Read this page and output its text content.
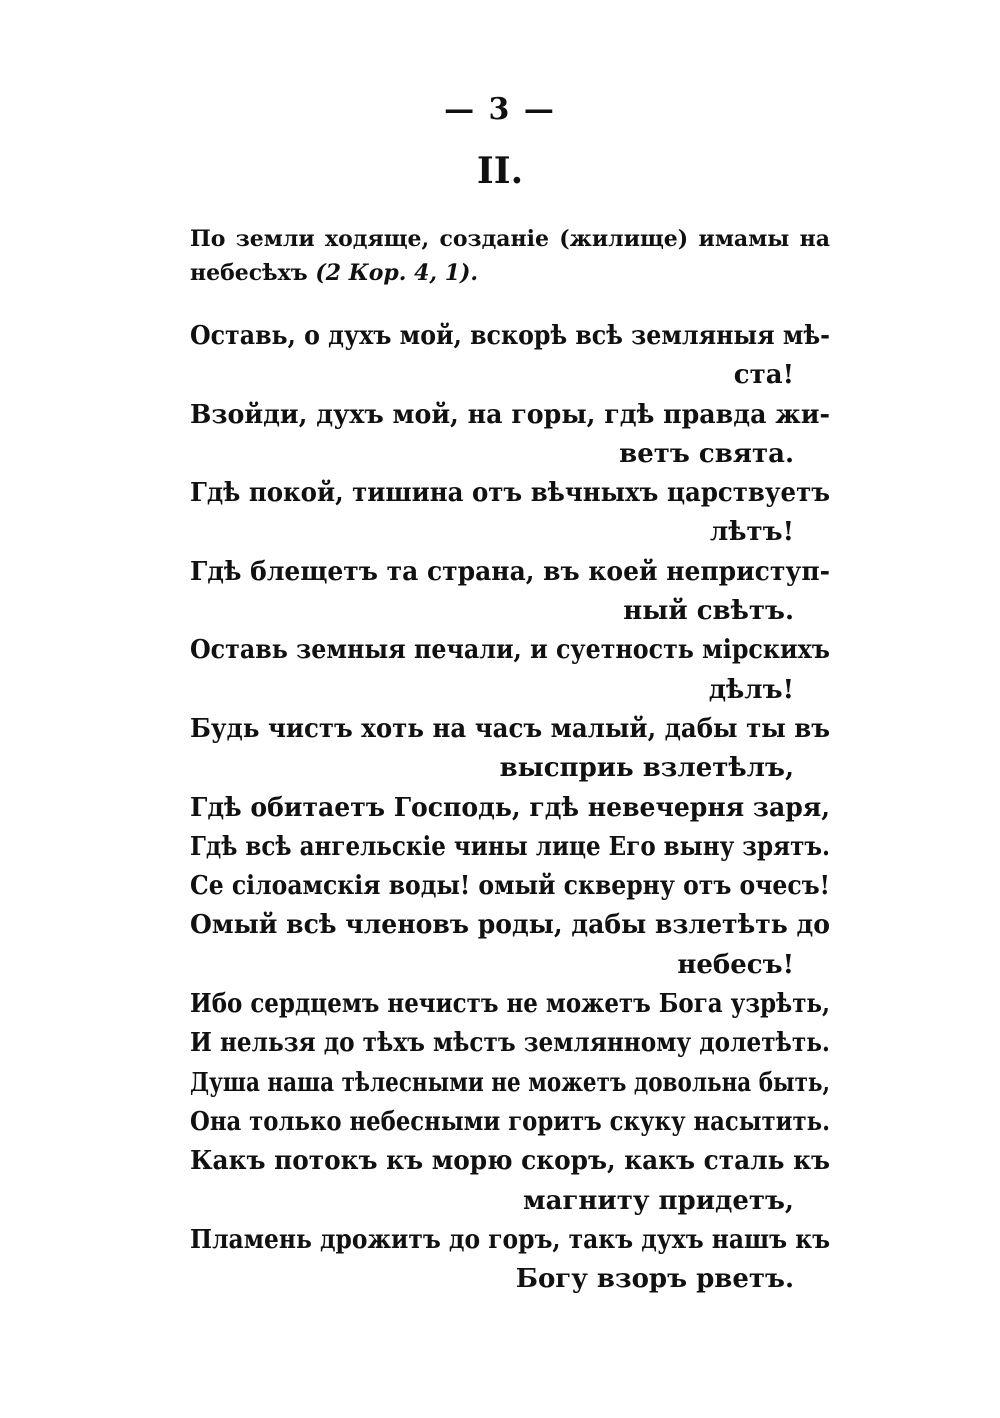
— 3 —
II.
По земли ходяще, созданіе (жилище) имамы на небесѣхъ (2 Кор. 4, 1).
Оставь, о духъ мой, вскорѣ всѣ земляныя мѣ-
ста!
Взойди, духъ мой, на горы, гдѣ правда жи-
ветъ свята.
Гдѣ покой, тишина отъ вѣчныхъ царствуетъ
лѣтъ!
Гдѣ блещетъ та страна, въ коей неприступ-
ный свѣтъ.
Оставь земныя печали, и суетность мірскихъ
дѣлъ!
Будь чистъ хоть на часъ малый, дабы ты въ
высприь взлетѣлъ,
Гдѣ обитаетъ Господь, гдѣ невечерня заря,
Гдѣ всѣ ангельскіе чины лице Его выну зрятъ.
Се сілоамскія воды! омый скверну отъ очесъ!
Омый всѣ членовъ роды, дабы взлетѣть до
небесъ!
Ибо сердцемъ нечистъ не можетъ Бога узрѣть,
И нельзя до тѣхъ мѣстъ землянному долетѣть.
Душа наша тѣлесными не можетъ довольна быть,
Она только небесными горитъ скуку насытить.
Какъ потокъ къ морю скоръ, какъ сталь къ
магниту придетъ,
Пламень дрожитъ до горъ, такъ духъ нашъ къ
Богу взоръ рветъ.
